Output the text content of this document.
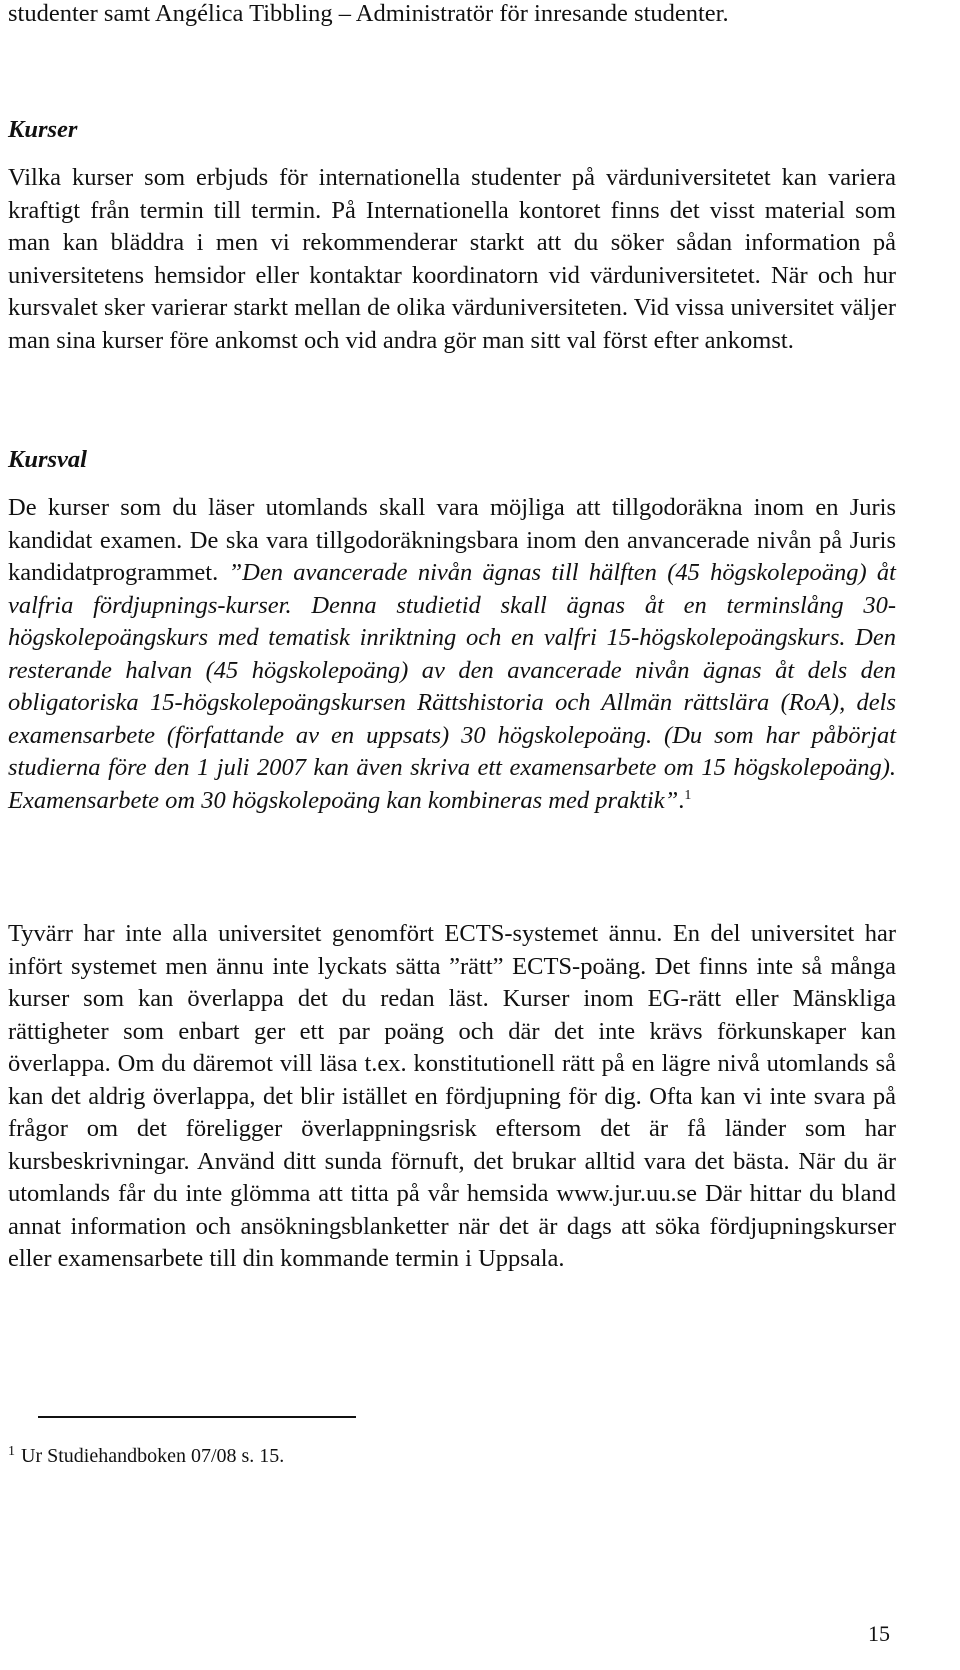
studenter samt Angélica Tibbling – Administratör för inresande studenter.

Kurser

Vilka kurser som erbjuds för internationella studenter på värduniversitetet kan variera kraftigt från termin till termin. På Internationella kontoret finns det visst material som man kan bläddra i men vi rekommenderar starkt att du söker sådan information på universitetens hemsidor eller kontaktar koordinatorn vid värduniversitetet. När och hur kursvalet sker varierar starkt mellan de olika värduniversiteten. Vid vissa universitet väljer man sina kurser före ankomst och vid andra gör man sitt val först efter ankomst.

Kursval

De kurser som du läser utomlands skall vara möjliga att tillgodoräkna inom en Juris kandidat examen. De ska vara tillgodoräkningsbara inom den anvancerade nivån på Juris kandidatprogrammet. ”Den avancerade nivån ägnas till hälften (45 högskolepoäng) åt valfria fördjupnings-kurser. Denna studietid skall ägnas åt en terminslång 30-högskolepoängskurs med tematisk inriktning och en valfri 15-högskolepoängskurs. Den resterande halvan (45 högskolepoäng) av den avancerade nivån ägnas åt dels den obligatoriska 15-högskolepoängskursen Rättshistoria och Allmän rättslära (RoA), dels examensarbete (författande av en uppsats) 30 högskolepoäng. (Du som har påbörjat studierna före den 1 juli 2007 kan även skriva ett examensarbete om 15 högskolepoäng). Examensarbete om 30 högskolepoäng kan kombineras med praktik”.$^1$

Tyvärr har inte alla universitet genomfört ECTS-systemet ännu. En del universitet har infört systemet men ännu inte lyckats sätta ”rätt” ECTS-poäng. Det finns inte så många kurser som kan överlappa det du redan läst. Kurser inom EG-rätt eller Mänskliga rättigheter som enbart ger ett par poäng och där det inte krävs förkunskaper kan överlappa. Om du däremot vill läsa t.ex. konstitutionell rätt på en lägre nivå utomlands så kan det aldrig överlappa, det blir istället en fördjupning för dig. Ofta kan vi inte svara på frågor om det föreligger överlappningsrisk eftersom det är få länder som har kursbeskrivningar. Använd ditt sunda förnuft, det brukar alltid vara det bästa. När du är utomlands får du inte glömma att titta på vår hemsida www.jur.uu.se Där hittar du bland annat information och ansökningsblanketter när det är dags att söka fördjupningskurser eller examensarbete till din kommande termin i Uppsala.

$^1$ Ur Studiehandboken 07/08 s. 15.

15
